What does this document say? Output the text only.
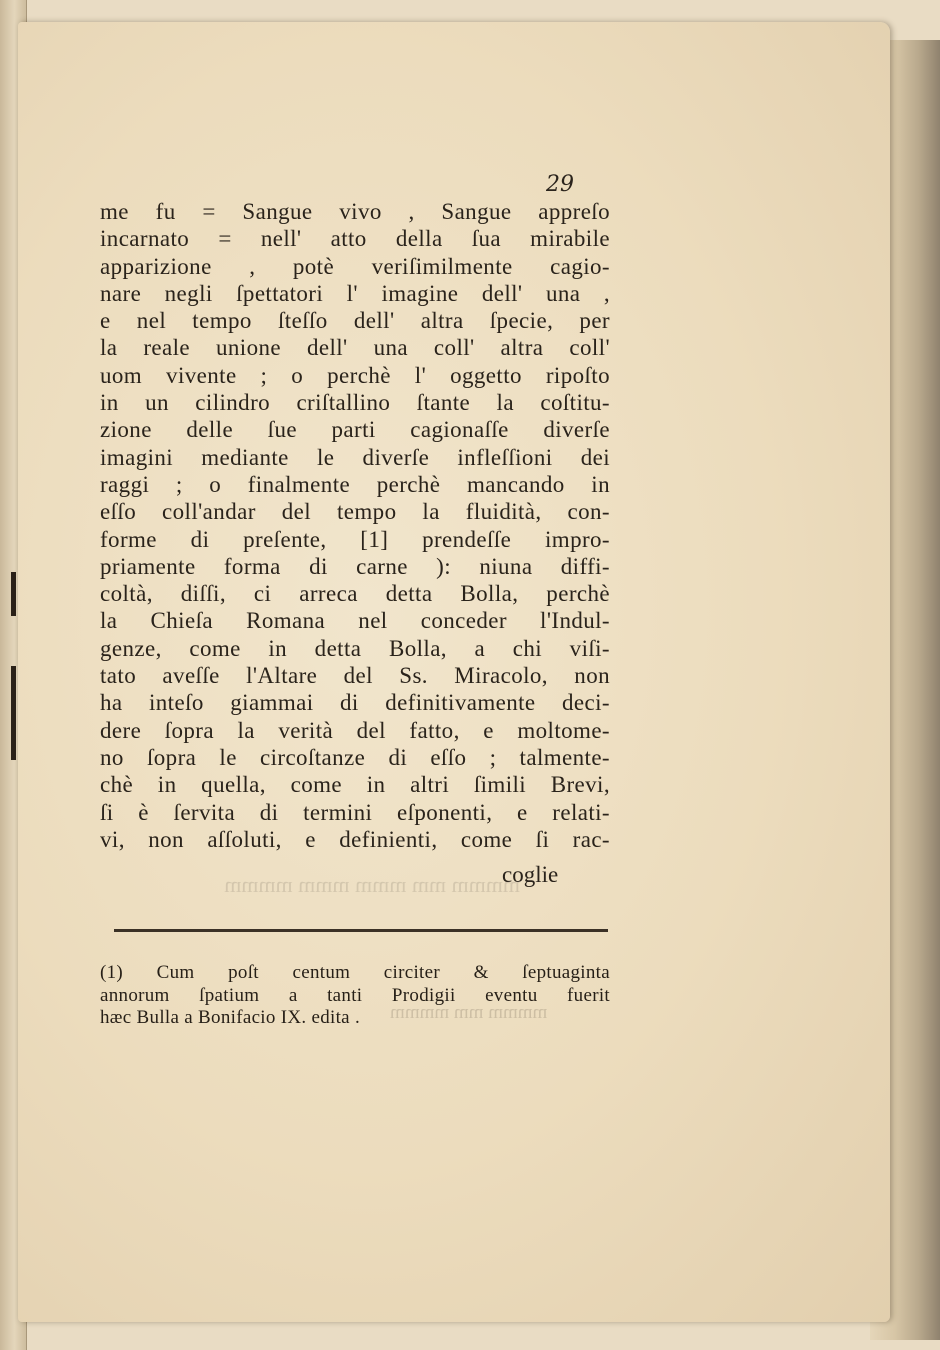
mmmm mm mmm mmm mmmm
29

me fu = Sangue vivo , Sangue appreſo
incarnato = nell' atto della ſua mirabile
apparizione , potè veriſimilmente cagio-
nare negli ſpettatori l' imagine dell' una ,
e nel tempo ſteſſo dell' altra ſpecie, per
la reale unione dell' una coll' altra coll'
uom vivente ; o perchè l' oggetto ripoſto
in un cilindro criſtallino ſtante la coſtitu-
zione delle ſue parti cagionaſſe diverſe
imagini mediante le diverſe infleſſioni dei
raggi ; o finalmente perchè mancando in
eſſo coll'andar del tempo la fluidità, con-
forme di preſente, [1] prendeſſe impro-
priamente forma di carne ): niuna diffi-
coltà, diſſi, ci arreca detta Bolla, perchè
la Chieſa Romana nel conceder l'Indul-
genze, come in detta Bolla, a chi viſi-
tato aveſſe l'Altare del Ss. Miracolo, non
ha inteſo giammai di definitivamente deci-
dere ſopra la verità del fatto, e moltome-
no ſopra le circoſtanze di eſſo ; talmente-
chè in quella, come in altri ſimili Brevi,
ſi è ſervita di termini eſponenti, e relati-
vi, non aſſoluti, e definienti, come ſi rac-

coglie

(1) Cum poſt centum circiter & ſeptuaginta
annorum ſpatium a tanti Prodigii eventu fuerit
hæc Bulla a Bonifacio IX. edita .	mmmm mm mmmm
